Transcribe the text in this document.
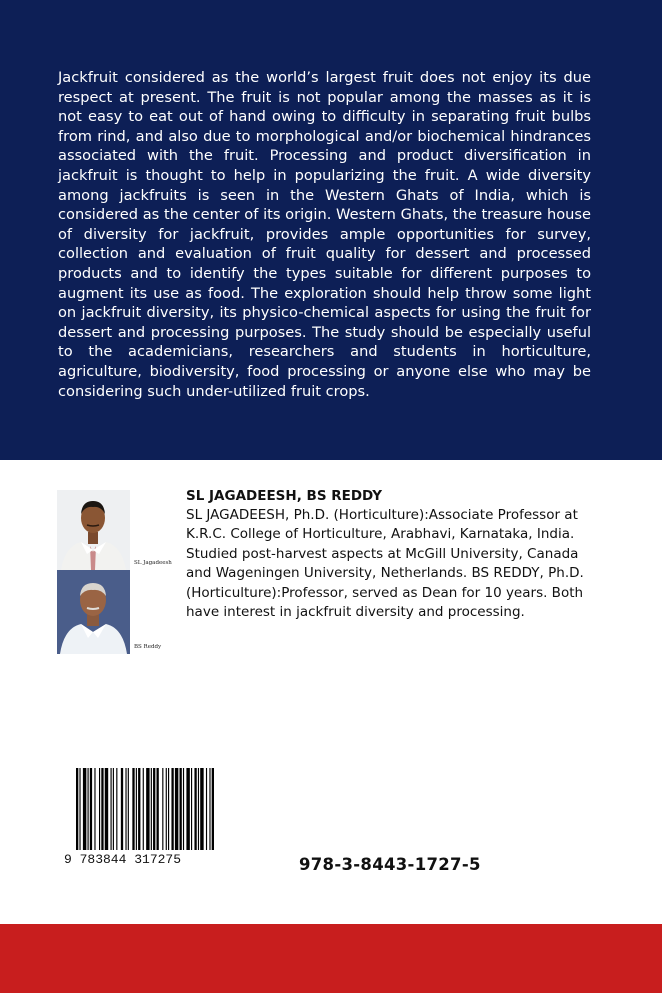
Jackfruit considered as the world’s largest fruit does not enjoy its due respect at present. The fruit is not popular among the masses as it is not easy to eat out of hand owing to difficulty in separating fruit bulbs from rind, and also due to morphological and/or biochemical hindrances associated with the fruit. Processing and product diversification in jackfruit is thought to help in popularizing the fruit. A wide diversity among jackfruits is seen in the Western Ghats of India, which is considered as the center of its origin. Western Ghats, the treasure house of diversity for jackfruit, provides ample opportunities for survey, collection and evaluation of fruit quality for dessert and processed products and to identify the types suitable for different purposes to augment its use as food. The exploration should help throw some light on jackfruit diversity, its physico-chemical aspects for using the fruit for dessert and processing purposes. The study should be especially useful to the academicians, researchers and students in horticulture, agriculture, biodiversity, food processing or anyone else who may be considering such under-utilized fruit crops.

SL Jagadeesh
BS Reddy
SL JAGADEESH, BS REDDY

SL JAGADEESH, Ph.D. (Horticulture):Associate Professor at K.R.C. College of Horticulture, Arabhavi, Karnataka, India. Studied post-harvest aspects at McGill University, Canada and Wageningen University, Netherlands. BS REDDY, Ph.D. (Horticulture):Professor, served as Dean for 10 years. Both have interest in jackfruit diversity and processing.

9 783844 317275	978-3-8443-1727-5
